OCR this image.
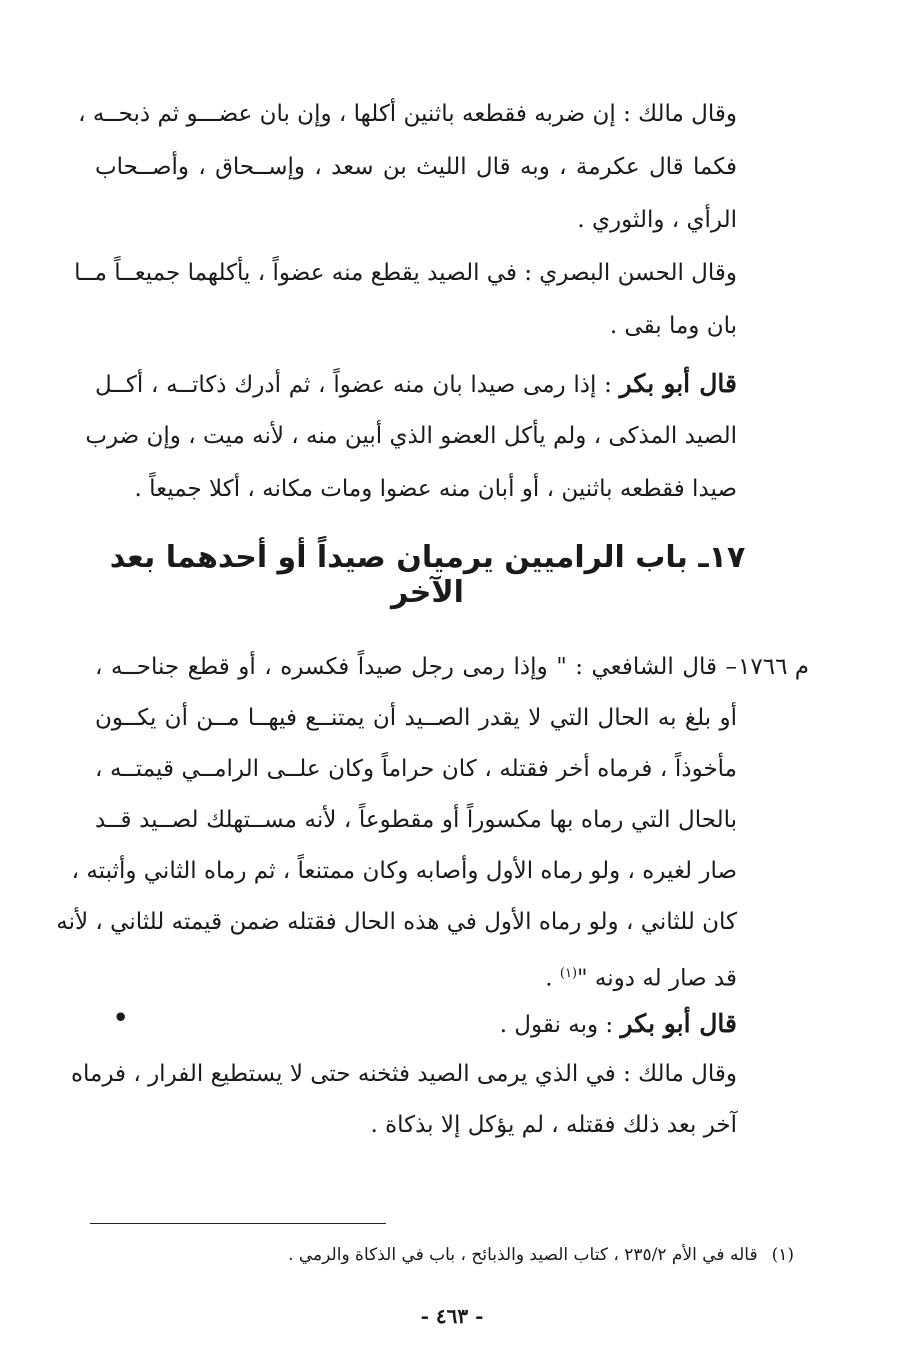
وقال مالك : إن ضربه فقطعه باثنين أكلها ، وإن بان عضـــو ثم ذبحــه ،
فكما قال عكرمة ، وبه قال الليث بن سعد ، وإســحاق ، وأصــحاب
الرأي ، والثوري .
وقال الحسن البصري : في الصيد يقطع منه عضواً ، يأكلهما جميعــاً مــا
بان وما بقى .
قال أبو بكر : إذا رمى صيدا بان منه عضواً ، ثم أدرك ذكاتــه ، أكــل
الصيد المذكى ، ولم يأكل العضو الذي أبين منه ، لأنه ميت ، وإن ضرب
صيدا فقطعه باثنين ، أو أبان منه عضوا ومات مكانه ، أكلا جميعاً .
١٧ـ باب الراميين يرميان صيداً أو أحدهما بعد الآخر
م ١٧٦٦
– قال الشافعي : " وإذا رمى رجل صيداً فكسره ، أو قطع جناحــه ،
أو بلغ به الحال التي لا يقدر الصــيد أن يمتنــع فيهــا مــن أن يكــون
مأخوذاً ، فرماه أخر فقتله ، كان حراماً وكان علــى الرامــي قيمتــه ،
بالحال التي رماه بها مكسوراً أو مقطوعاً ، لأنه مســتهلك لصــيد قــد
صار لغيره ، ولو رماه الأول وأصابه وكان ممتنعاً ، ثم رماه الثاني وأثبته ،
كان للثاني ، ولو رماه الأول في هذه الحال فقتله ضمن قيمته للثاني ، لأنه
قد صار له دونه "$^{(١)}$ .
قال أبو بكر : وبه نقول .
وقال مالك : في الذي يرمى الصيد فثخنه حتى لا يستطيع الفرار ، فرماه
آخر بعد ذلك فقتله ، لم يؤكل إلا بذكاة .
•
(١)قاله في الأم ٢٣٥/٢ ، كتاب الصيد والذبائح ، باب في الذكاة والرمي .
- ٤٦٣ -
